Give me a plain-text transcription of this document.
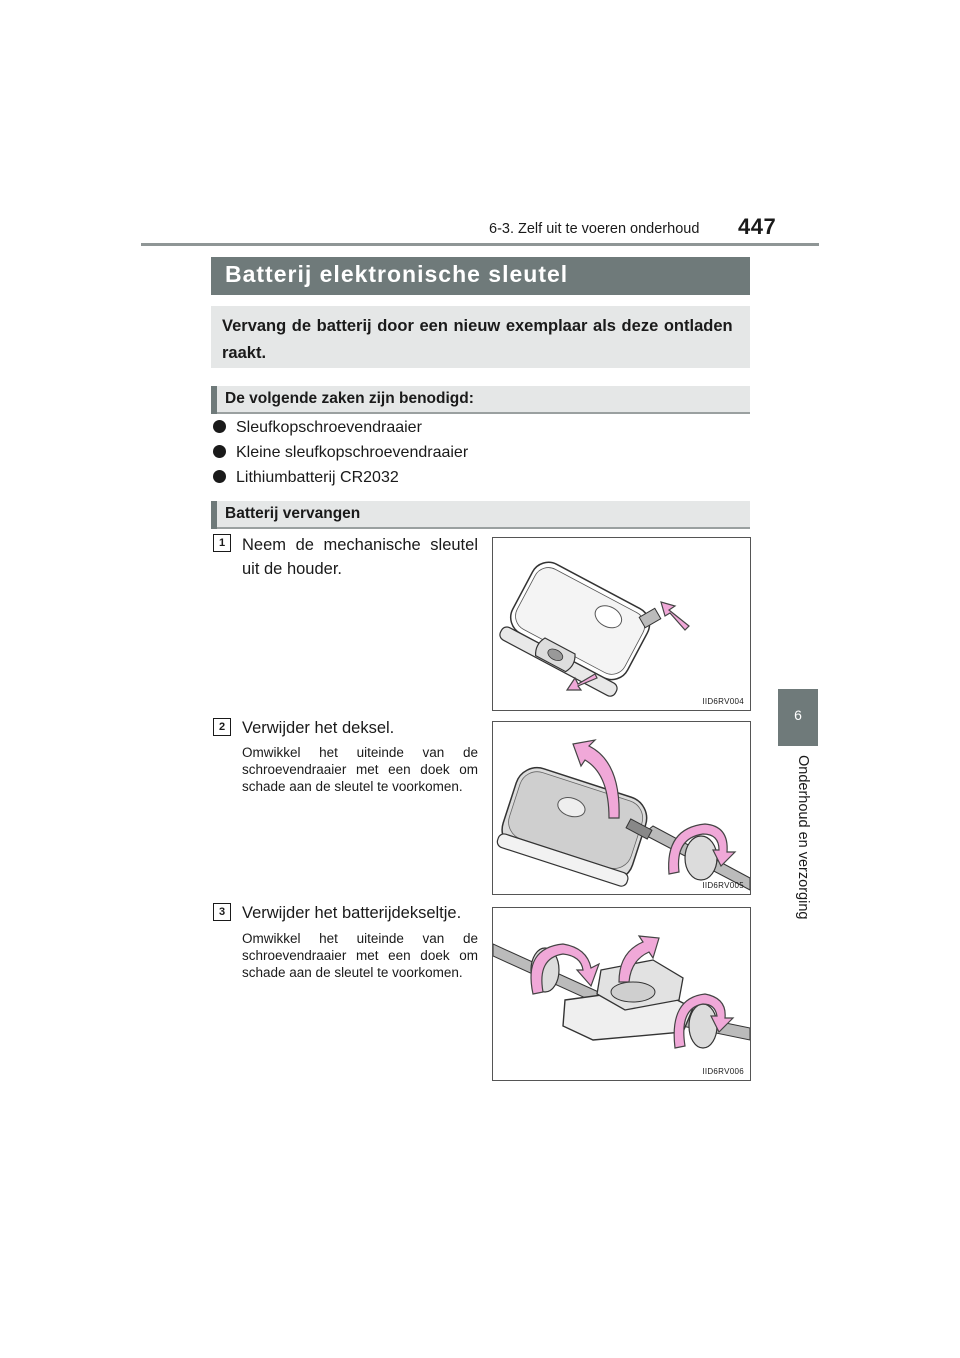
6-3. Zelf uit te voeren onderhoud 447
6
Onderhoud en verzorging
Batterij elektronische sleutel
Vervang de batterij door een nieuw exemplaar als deze ontladen raakt.
De volgende zaken zijn benodigd:
Sleufkopschroevendraaier
Kleine sleufkopschroevendraaier
Lithiumbatterij CR2032
Batterij vervangen
1	Neem de mechanische sleutel uit de houder.
IID6RV004
2	Verwijder het deksel.
Omwikkel het uiteinde van de schroevendraaier met een doek om schade aan de sleutel te voorkomen.
IID6RV005
3	Verwijder het batterijdekseltje.
Omwikkel het uiteinde van de schroevendraaier met een doek om schade aan de sleutel te voorkomen.
IID6RV006
